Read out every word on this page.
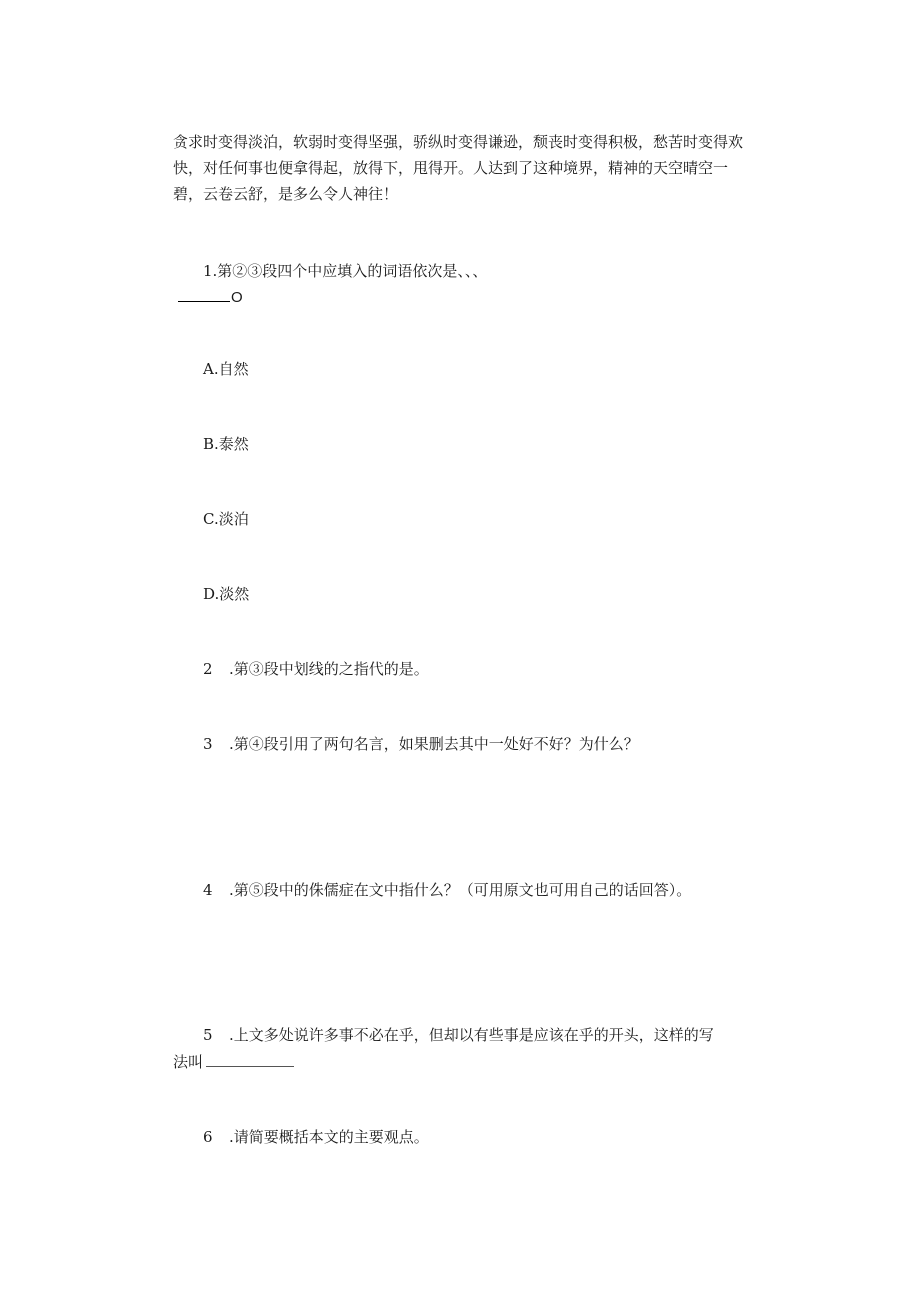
贪求时变得淡泊，软弱时变得坚强，骄纵时变得谦逊，颓丧时变得积极，愁苦时变得欢快，对任何事也便拿得起，放得下，甩得开。人达到了这种境界，精神的天空晴空一碧，云卷云舒，是多么令人神往！

1.第②③段四个中应填入的词语依次是、、、
O
A.自然
B.泰然
C.淡泊
D.淡然
2 .第③段中划线的之指代的是。
3 .第④段引用了两句名言，如果删去其中一处好不好？为什么？
4 .第⑤段中的侏儒症在文中指什么？（可用原文也可用自己的话回答）。
5 .上文多处说许多事不必在乎，但却以有些事是应该在乎的开头，这样的写
法叫
6 .请简要概括本文的主要观点。
